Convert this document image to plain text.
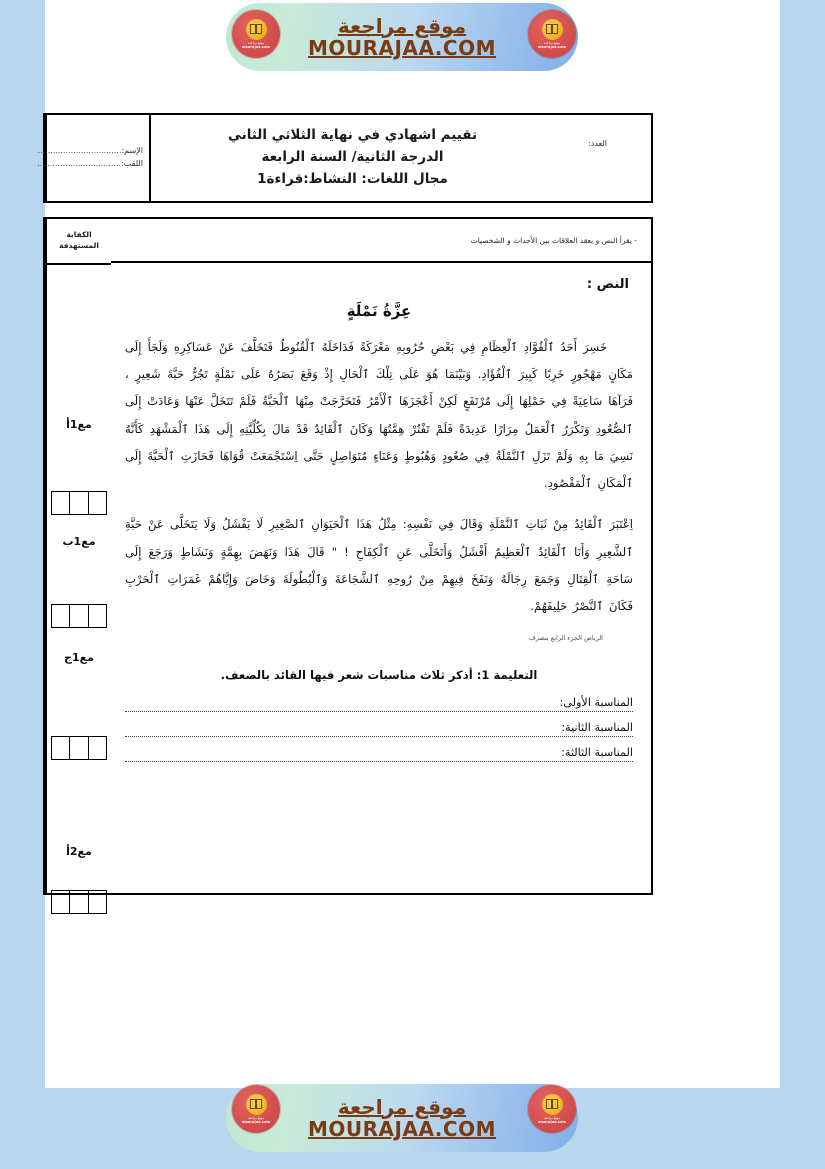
موقع مراجعة
MOURAJAA.COM
موقع مراجعة
mourajaa.com
موقع مراجعة
mourajaa.com
الإسم:.................................
اللقب:.................................
تقييم اشهادي في نهاية الثلاثي الثاني
الدرجة الثانية/ السنة الرابعة
مجال اللغات: النشاط:قراءة1
العدد:
الكفاية
المستهدفة
مع1أ
مع1ب
مع1ج
مع2أ
- يقرأ النص و يعقد العلاقات بين الأحداث و الشخصيات
النص :
عِزَّةُ نَمْلَةٍ

خَسِرَ أَحَدُ ٱلْقُوَّادِ ٱلْعِظَامِ فِي بَعْضِ حُرُوبِهِ مَعْرَكَةً فَدَاخَلَهُ ٱلْقُنُوطُ فَتَخَلَّفَ عَنْ عَسَاكِرِهِ وَلَجَأَ إِلَى مَكَانٍ مَهْجُورٍ خَرِبًا كَبِيرَ ٱلْفُؤَادِ. وَبَيْنَمَا هُوَ عَلَى تِلْكَ ٱلْحَالِ إِذْ وَقَعَ بَصَرُهُ عَلَى نَمْلَةٍ تَجُرُّ حَبَّةَ شَعِيرٍ ، فَرَآهَا سَاعِيَةً فِي حَمْلِهَا إِلَى مُرْتَفَعٍ لَكِنْ أَعْجَزَهَا ٱلْأَمْرُ فَتَخَرَّجَتْ مِنْهَا ٱلْحَبَّةُ فَلَمْ تَتَخَلَّ عَنْهَا وَعَادَتْ إِلَى ٱلصُّعُودِ وَتَكْرَرُ ٱلْعَمَلُ مِرَارًا عَدِيدَةً فَلَمْ تَفْتُرْ هِمَّتُهَا وَكَانَ ٱلْقَائِدُ قَدْ مَالَ بِكُلِّيَّتِهِ إِلَى هَذَا ٱلْمَشْهَدِ كَأَنَّهُ نَسِيَ مَا بِهِ وَلَمْ تَزَلِ ٱلنَّمْلَةُ فِي صُعُودٍ وَهُبُوطٍ وَعَنَاءٍ مُتَوَاصِلٍ حَتَّى اِسْتَجْمَعَتْ قُوَاهَا فَحَازَتِ ٱلْحَبَّةَ إِلَى ٱلْمَكَانِ ٱلْمَقْصُودِ.

اِعْتَبَرَ ٱلْقَائِدُ مِنْ ثَبَاتِ ٱلنَّمْلَةِ وَقَالَ فِي نَفْسِهِ: مِثْلُ هَذَا ٱلْحَيَوَانِ ٱلصَّغِيرِ لَا يَفْشَلُ وَلَا يَتَخَلَّى عَنْ حَبَّةِ ٱلشَّعِيرِ وَأَنَا ٱلْقَائِدُ ٱلْعَظِيمُ أَفْشَلُ وَأَتَخَلَّى عَنِ ٱلْكِفَاحِ ! " قَالَ هَذَا وَنَهَضَ بِهِمَّةٍ وَنَشَاطٍ وَرَجَعَ إِلَى سَاحَةِ ٱلْقِتَالِ وَجَمَعَ رِجَالَهُ وَنَفَخَ فِيهِمْ مِنْ رُوحِهِ ٱلشَّجَاعَةَ وَٱلْبُطُولَةَ وَخَاضَ وَإِيَّاهُمْ غَمَرَاتِ ٱلْحَرْبِ فَكَانَ ٱلنَّصْرُ حَلِيفَهُمْ.

الرياض الجزء الرابع بتصرف
التعليمة 1: أذكر ثلاث مناسبات شعر فيها القائد بالضعف.
المناسبة الأولى:
المناسبة الثانية:
المناسبة الثالثة:
موقع مراجعة
MOURAJAA.COM
موقع مراجعة
mourajaa.com
موقع مراجعة
mourajaa.com
